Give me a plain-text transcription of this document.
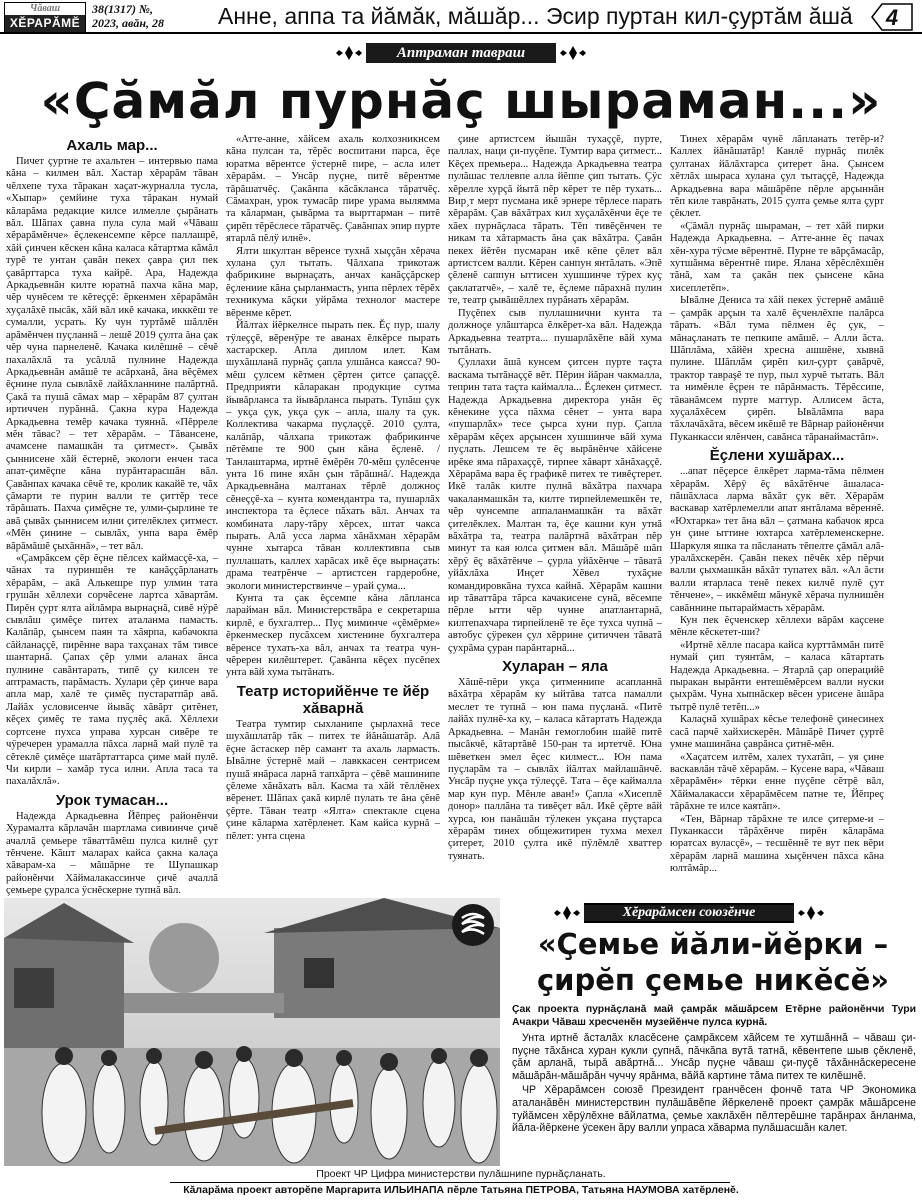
Чăваш
ХĔРАРĂМĔ
38(1317) №,
2023, авăн, 28	Анне, аппа та йăмăк, мăшăр... Эсир пуртан кил-çуртăм ăшă	4
Аптраман тавраш
«Çăмăл пурнăç шыраман...»
Ахаль мар...

Пичет çуртне те ахальтен – интервью пама кăна – килмен вăл. Хастар хĕрарăм тăван чĕлхепе туха тăракан хаçат-журналла тусла, «Хыпар» çемйине туха тăракан нумай кăларăма редакцие килсе илмелле çырăнать вăл. Шăпах çавна пула сула май «Чăваш хĕрарăмĕнче» ĕçлекенсемпе кĕрсе паллашрĕ, хăй çинчен кĕскен кăна каласа кăтартма кăмăл турĕ те унтан çавăн пекех çавра çил пек çавăрттарса туха кайрĕ. Ара, Надежда Аркадьевнăн килте юратнă пахча кăна мар, чĕр чунĕсем те кĕтеççĕ: ĕркенмен хĕрарăмăн хуçалăхĕ пысăк, хăй вăл икĕ качака, икккĕш те сумалли, усрать. Ку чун туртăмĕ шăллĕн арăмĕнчен пуçланнă – лешĕ 2019 çулта ăна çак чĕр чуна парнеленĕ. Качака килĕшнĕ – сĕчĕ пахалăхлă та усăллă пулнине Надежда Аркадьевнăн амăшĕ те асăрханă, ăна вĕçĕмех ĕçнине пула сывлăхĕ лайăхланнине палăртнă. Çакă та пушă сăмах мар – хĕрарăм 87 çултан иртиччен пурăннă. Çакна кура Надежда Аркадьевна темĕр качака туяннă. «Пĕрреле мĕн тăвас? – тет хĕрарăм. – Тăвансене, ачамсене памашкăн та çитмест». Çывăх çыннисене хăй ĕстернĕ, экологи енчен таса апат-çимĕçпе кăна пурăнтарасшăн вăл. Çавăнпах качака сĕчĕ те, кролик какайĕ те, чăх çăмарти те пурин валли те çиттĕр тесе тăрăшать. Пахча çимĕçне те, улми-çырлине те авă çывăх çыннисем илни çителĕклех çитмест. «Мĕн çинине – сывлăх, унпа вара ĕмĕр вăрăмăшĕ çыхăннă», – тет вăл.

«Çамрăксем çĕр ĕçне пĕлсех каймасçĕ-ха, – чăнах та пуриншĕн те канăççăрланать хĕрарăм, – акă Алькешре пур улмин тата грушăн хĕллехи сорчĕсене лартса хăвартăм. Пирĕн çурт ялта айлăмра вырнаçнă, сивĕ нÿрĕ сывлăш çимĕçе питех аталанма памасть. Калăпăр, çынсем паян та хăярпа, кабачокпа сăйланаççĕ, пирĕнне вара тахçанах тăм тивсе шантарнă. Çапах çĕр улми аланах ăнса пулнине савăнтарать, типĕ çу килсен те аптрамасть, парăмасть. Хулари çĕр çинче вара апла мар, халĕ те çимĕç пустаратпăр авă. Лайăх условисенче йывăç хăвăрт çитĕнет, кĕçех çимĕç те тама пуçлĕç акă. Хĕллехи сортсене пухса управа хурсан сивĕре те чÿречерен урамалла пăхса ларнă май пулĕ та сĕтеклĕ çимĕçе шатăртаттарса çиме май пулĕ. Чи кирли – хамăр туса илни. Апла таса та пахалăхлă».

Урок тумасан...

Надежда Аркадьевна Йĕпреç районĕнчи Хурамалта кăрлачăн шартлама сивиинче çичĕ ачаллă çемьере тăваттăмĕш пулса килнĕ çут тĕнчене. Кăшт маларах кайса çакна калаçа хăварам-ха – мăшăрне те Шупашкар районĕнчи Хăймалакассинче çичĕ ачаллă çемьере çуралса ÿснĕскерне тупнă вăл.

«Атте-анне, хăйсем ахаль колхозникнсем кăна пулсан та, тĕрĕс воспитани парса, ĕçе юратма вĕрентсе ÿстернĕ пире, – асла илет хĕрарăм. – Унсăр пуçне, питĕ вĕрентме тăрăшатчĕç. Çакăнпа кăсăкланса тăратчĕç. Сăмахран, урок тумасăр пире урама вылямма та кăларман, çывăрма та вырттарман – питĕ çирĕп тĕрĕслесе тăратчĕç. Çавăнпах эпир пурте ятарлă пĕлÿ илнĕ».

Ялти шкултан вĕренсе тухнă хыççăн хĕрача хулана çул тытать. Чăлхапа трикотаж фабрикине вырнаçать, анчах канăççăрскер ĕçлениие кăна çырланмасть, унпа пĕрлех тĕрĕх техникума кăçки уйрăма технолог мастере вĕренме кĕрет.

Йăлтах йĕркелнсе пырать пек. Ĕç пур, шалу тÿлеççĕ, вĕренÿре те аванах ĕлкĕрсе пырать хастарскер. Апла диплом илет. Кам шухăшланă пурнăç çапла улшăнса каясса? 90-мĕш çулсем кĕтмен çĕртен çитсе çапаççĕ. Предприяти кăларакан продукцие сутма йывăрланса та йывăрланса пырать. Тупăш çук – укçа çук, укçа çук – апла, шалу та çук. Коллектива чакарма пуçлаççĕ. 2010 çулта, калăпăр, чăлхапа трикотаж фабрикинче пĕтĕмпе те 900 çын кăна ĕçленĕ. /Танлаштарма, иртнĕ ĕмĕрĕн 70-мĕш çулĕсенче унта 16 пине яхăн çын тăрăшнă/. Надежда Аркадьевнăна малтанах тĕрлĕ должноç сĕнеççĕ-ха – кунта комендантра та, пушарлăх инспектора та ĕçлесе пăхать вăл. Анчах та комбината лару-тăру хĕрсех, штат чакса пырать. Алă усса ларма хăнăхман хĕрарăм чунне хытарса тăван коллективпа сыв пуллашать, каллех харăсах икĕ ĕçе вырнаçать: драма театрĕнче – артистсен гардеробне, экологи министерствинче – урай çума...

Кунта та çак ĕçсемпе кăна лăпланса ларайман вăл. Министерствăра е секретарша кирлĕ, е бухгалтер... Пуç миминче «çĕмĕрме» ĕркенмескер пусăхсем хистенине бухгалтера вĕренсе тухать-ха вăл, анчах та театра чун-чĕререн килĕштерет. Çавăнпа кĕçех пусĕпех унта вăй хума тытăнать.

Театр историйĕнче те йĕр хăварнă

Театра тумтир сыхланипе çырлахнă тесе шухăшлатăр тăк – питех те йăнăшатăр. Алă ĕçне ăстаскер пĕр самант та ахаль лармасть. Ывăлне ÿстернĕ май – лавккасен сентрисем пушă янăраса ларнă тапхăрта – çĕвĕ машинипе çĕлеме хăнăхать вăл. Касма та хăй тĕллĕнех вĕренет. Шăпах çакă кирлĕ пулать те ăна çĕнĕ çĕрте. Тăван театр «Ялта» спектакле сцена çине кăларма хатĕрленет. Кам кайса курнă – пĕлет: унта сцена

çине артистсем йышăн тухаççĕ, пурте, паллах, наци çи-пуçĕпе. Тумтир вара çитмест... Кĕçех премьера... Надежда Аркадьевна театра пулăшас теллевпе алла йĕппе çип тытать. Çÿс хĕрелле хурçă йытă пĕр кĕрет те пĕр тухать... Вир¸т мерт пусмана икĕ эрнере тĕрлесе парать хĕрарăм. Çав вăхăтрах кил хуçалăхĕнчи ĕçе те хăех пурнăçласа тăрать. Тĕп тивĕçĕнчен те никам та хăтармасть ăна çак вăхăтра. Çавăн пекех йĕтĕн пусмаран икĕ кĕпе çĕлет вăл артистсем валли. Кĕрен санпун янтăлать. «Эпĕ çĕленĕ саппун ыттисен хушшинче тÿрех куç çаклататчĕ», – халĕ те, ĕçлеме пăрахнă пулин те, театр çывăшĕллех пурăнать хĕрарăм.

Пуçĕпех сыв пуллашнични кунта та должноçе улăштарса ĕлкĕрет-ха вăл. Надежда Аркадьевна театрта... пушарлăхĕпе вăй хума тытăнать.

Çуллахи ăшă кунсем çитсен пурте таçта васкама тытăнаççĕ вĕт. Пĕрин йăран чакмалла, теприн тата таçта каймалла... Ĕçлекен çитмест. Надежда Аркадьевна директора унăн ĕç кĕнекине уçса пăхма сĕнет – унта вара «пушарлăх» тесе çырса хуни пур. Çапла хĕрарăм кĕçех арçынсен хушшинче вăй хума пуçлать. Лешсем те ĕç вырăнĕнче хăйсене ирĕке яма пăрахаççĕ, тирпее хăварт хăнăхаççĕ. Хĕрарăма вара ĕç графикĕ питех те тивĕçтерет. Икĕ талăк килте пулнă вăхăтра пахчара чакаланмашкăн та, килте тирпейлемешкĕн те, чĕр чунсемпе аппаланмашкăн та вăхăт çителĕклех. Малтан та, ĕçе кашни кун утнă вăхăтра та, театра палăртнă вăхăтран пĕр минут та кая юлса çитмен вăл. Мăшăрĕ шăп хĕрÿ ĕç вăхăтĕнче – çурла уйăхĕнче – тăватă уйăхлăха Инçет Хĕвел тухăçне командировкăна тухса кайнă. Хĕрарăм кашни ир тăваттăра тăрса качакисене сунă, вĕсемпе пĕрле ытти чĕр чунне апатлантарнă, килтепахчара тирпейленĕ те ĕçе тухса чупнă – автобус çÿрекен çул хĕррине çитиччен тăватă çухрăма çуран парăнтарнă...

Хуларан – яла

Хăшĕ-пĕри укçа çитменнипе асапланнă вăхăтра хĕрарăм ку ыйтăва татса памалли меслет те тупнă – юн пама пуçланă. «Питĕ лайăх пулнĕ-ха ку, – каласа кăтартать Надежда Аркадьевна. – Манăн гемоглобин шайĕ питĕ пысăкчĕ, кăтартăвĕ 150-ран та иртетчĕ. Юна шĕветкен эмел ĕçес килмест... Юн пама пуçларăм та – сывлăх йăлтах майлашăнчĕ. Унсăр пуçне укçа тÿлеççĕ. Тата – ĕçе каймалла мар кун пур. Мĕнле аван!» Çапла «Хисеплĕ донор» паллăна та тивĕçет вăл. Икĕ çĕрте вăй хурса, юн панăшăн тÿлекен укçана пуçтарса хĕрарăм тинех общежитирен тухма мехел çитерет, 2010 çулта икĕ пÿлĕмлĕ хваттер туянать.

Тинех хĕрарăм чунĕ лăпланать тетĕр-и? Каллех йăнăшатăр! Канлĕ пурнăç пилĕк çултанах йăлăхтарса çитерет ăна. Çынсем хĕтлăх шыраса хулана çул тытаççĕ, Надежда Аркадьевна вара мăшăрĕпе пĕрле арçыннăн тĕп киле таврăнать, 2015 çулта çемье ялта çурт çĕклет.

«Çăмăл пурнăç шыраман, – тет хăй пирки Надежда Аркадьевна. – Атте-анне ĕç пачах хĕн-хура тÿсме вĕрентнĕ. Пурне те вăрçăмасăр, хутшăнма вĕрентнĕ пире. Ялана хĕрĕслĕхшĕн тăнă, хам та çакăн пек çынсене кăна хисеплетĕп».

Ывăлне Дениса та хăй пекех ÿстернĕ амăшĕ – çамрăк арçын та халĕ ĕçченлĕхпе палăрса тăрать. «Вăл тума пĕлмен ĕç çук, – мăнаçланать те пепкипе амăшĕ. – Алли ăста. Шăплăма, хăйĕн хресна ашшĕне, хывнă пулине. Шăплăм çирĕп кил-çурт çавăрчĕ, трактор тавраşĕ те пур, пыл хурчĕ тытать. Вăл та нимĕнле ĕçрен те пăрăнмасть. Тĕрĕссипе, тăванăмсем пурте маттур. Аллисем ăста, хуçалăхĕсем çирĕп. Ывăлăмпа вара тăхлачăхăта, вĕсем икĕшĕ те Вăрнар районĕнчи Пуканкасси ялĕнчен, савăнса тăранаймастăп».

Ĕçлени хушăрах...

...апат пĕçерсе ĕлкĕрет ларма-тăма пĕлмен хĕрарăм. Хĕрÿ ĕç вăхăтĕнче ăшаласа-пăшăхласа ларма вăхăт çук вĕт. Хĕрарăм васкавар хатĕрлемелли апат янтăлама вĕреннĕ. «Юхтарка» тет ăна вăл – çатмана кабачок ярса ун çине ыттине юхтарса хатĕрлеменскерне. Шаркуля яшка та пăсланать тĕпелте çăмăл алă-уралăхскерĕн. Çавăн пекех пĕчĕк хĕр пĕрчи валли çыхмашкăн вăхăт тупатех вăл. «Ал ăсти валли ятарласа тенĕ пекех килчĕ пулĕ çут тĕнчене», – иккĕмĕш мăнукĕ хĕрача пулнишĕн савăннине пытараймасть хĕрарăм.

Кун пек ĕçченскер хĕллехи вăрăм каçсене мĕнле кĕскетет-ши?

«Иртнĕ хĕлле пасара кайса курттăммăн питĕ нумай çип туянтăм, – каласа кăтартать Надежда Аркадьевна. – Ятарлă çар операцийĕ пыракан вырăнти ентешĕмĕрсем валли нуски çыхрăм. Чуна хыпнăскер вĕсен урисене ăшăра тытрĕ пулĕ тетĕп...»

Калаçнă хушăрах кĕсьe телефонĕ çинесинех сасă парчĕ хайхискерĕн. Мăшăрĕ Пичет çуртĕ умне машинăна çаврăнса çитнĕ-мĕн.

«Хаçатсем илтĕм, халех тухатăп, – уя çине васкавлăн тăчĕ хĕрарăм. – Кусене вара, «Чăваш хĕрарăмĕн» тĕрки енне пуçĕпе сĕтрĕ вăл, Хăймалакасси хĕрарăмĕсем патне те, Йĕпреç тăрăхне те илсе каятăп».

«Тен, Вăрнар тăрăхне те илсе çитерме-и – Пуканкасси тăрăхĕнче пирĕн кăларăма юратсах вуласçĕ», – тесшĕннĕ те вут пек вĕри хĕрарăм ларнă машина хыçĕнчен пăхса кăна юлтăмăр...

Хĕрарăмсен союзĕнче
«Çемье йăли-йĕрки – çирĕп çемье никĕсĕ»
Çак проекта пурнăçланă май çамрăк мăшăрсем Етĕрне районĕнчи Тури Ачакри Чăваш хресченĕн музейĕнче пулса курнă.

Унта иртнĕ ăсталăх класĕсене çамрăксем хăйсем те хутшăннă – чăваш çи-пуçне тăхăнса хуран кукли çупнă, пăчкăпа вутă татнă, кĕвентепе шыв çĕкленĕ, çăм арланă, тырă авăртнă... Унсăр пуçне чăваш çи-пуçĕ тăхăннăскересене мăшăрăн-мăшăрăн чуччу ярăнма, вăйă картине тăма питех те килĕшнĕ.

ЧР Хĕрарăмсен союзĕ Президент гранчĕсен фончĕ тата ЧР Экономика аталанăвĕн министерствин пулăшăвĕпе йĕркеленĕ проект çамрăк мăшăрсене туйăмсен хĕрÿлĕхне вăйлатма, çемье хаклăхĕн пĕлтерĕшне тарăнрах ăнланма, йăла-йĕркене ÿсекен ăру валли упраса хăварма пулăшасшăн калет.

Проект ЧР Цифра министерстви пулăшнипе пурнăçланать.
Кăларăма проект авторĕпе Маргарита ИЛЬИНАПА пĕрле Татьяна ПЕТРОВА, Татьяна НАУМОВА хатĕрленĕ.
